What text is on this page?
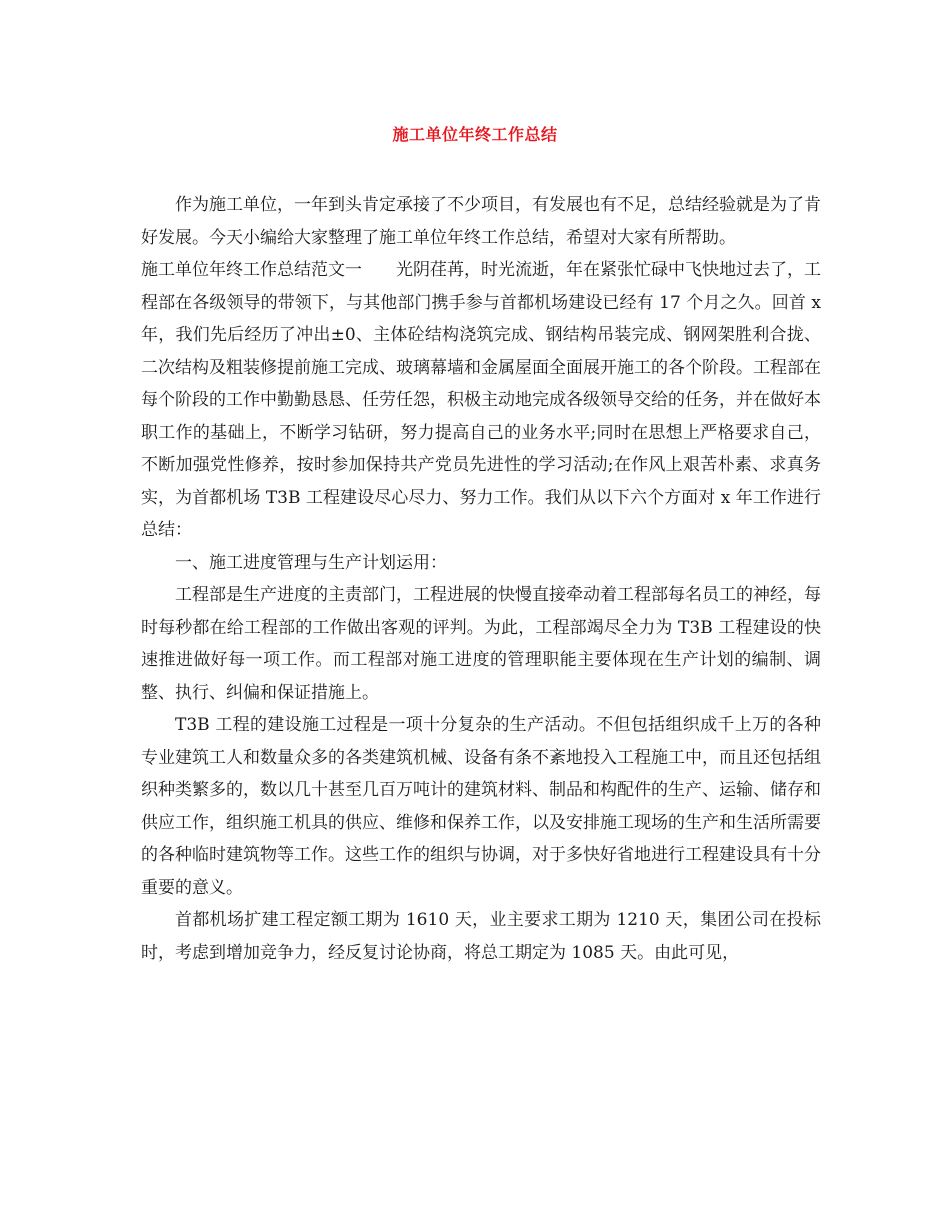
施工单位年终工作总结

作为施工单位，一年到头肯定承接了不少项目，有发展也有不足，总结经验就是为了肯好发展。今天小编给大家整理了施工单位年终工作总结，希望对大家有所帮助。

施工单位年终工作总结范文一　　光阴荏苒，时光流逝，年在紧张忙碌中飞快地过去了，工程部在各级领导的带领下，与其他部门携手参与首都机场建设已经有 17 个月之久。回首 x 年，我们先后经历了冲出±0、主体砼结构浇筑完成、钢结构吊装完成、钢网架胜利合拢、二次结构及粗装修提前施工完成、玻璃幕墙和金属屋面全面展开施工的各个阶段。工程部在每个阶段的工作中勤勤恳恳、任劳任怨，积极主动地完成各级领导交给的任务，并在做好本职工作的基础上，不断学习钻研，努力提高自己的业务水平;同时在思想上严格要求自己，不断加强党性修养，按时参加保持共产党员先进性的学习活动;在作风上艰苦朴素、求真务实，为首都机场 T3B 工程建设尽心尽力、努力工作。我们从以下六个方面对 x 年工作进行总结：

一、施工进度管理与生产计划运用：

工程部是生产进度的主责部门，工程进展的快慢直接牵动着工程部每名员工的神经，每时每秒都在给工程部的工作做出客观的评判。为此，工程部竭尽全力为 T3B 工程建设的快速推进做好每一项工作。而工程部对施工进度的管理职能主要体现在生产计划的编制、调整、执行、纠偏和保证措施上。

T3B 工程的建设施工过程是一项十分复杂的生产活动。不但包括组织成千上万的各种专业建筑工人和数量众多的各类建筑机械、设备有条不紊地投入工程施工中，而且还包括组织种类繁多的，数以几十甚至几百万吨计的建筑材料、制品和构配件的生产、运输、储存和供应工作，组织施工机具的供应、维修和保养工作，以及安排施工现场的生产和生活所需要的各种临时建筑物等工作。这些工作的组织与协调，对于多快好省地进行工程建设具有十分重要的意义。

首都机场扩建工程定额工期为 1610 天，业主要求工期为 1210 天，集团公司在投标时，考虑到增加竞争力，经反复讨论协商，将总工期定为 1085 天。由此可见，
